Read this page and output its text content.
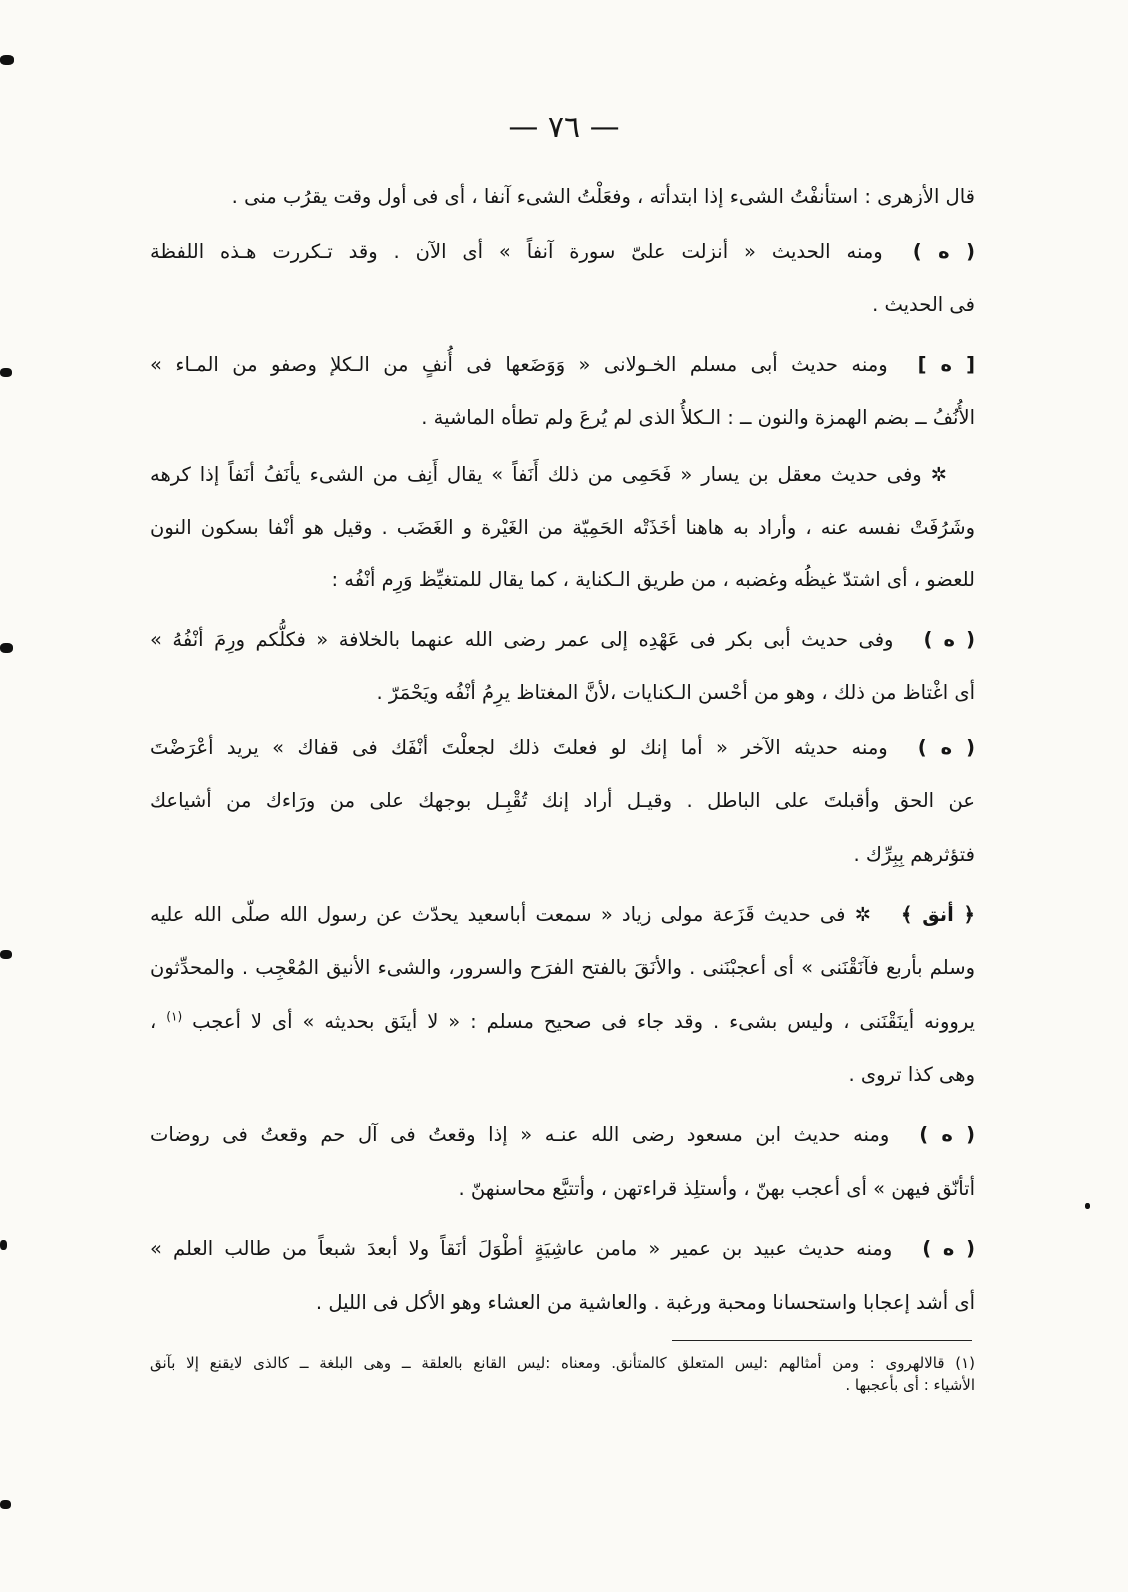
— ٧٦ —
قال الأزهرى : استأنفْتُ الشىء إذا ابتدأته ، وفعَلْتُ الشىء آنفا ، أى فى أول وقت يقرُب منى .
( ه )ومنه الحديث « أنزلت علىّ سورة آنفاً » أى الآن . وقد تـكررت هـذه اللفظة
فى الحديث .
[ ه ]ومنه حديث أبى مسلم الخـولانى « وَوَضَعها فى أُنفٍ من الـكلإ وصفو من المـاء »
الأُنُفُ ــ بضم الهمزة والنون ــ : الـكلأُ الذى لم يُرعَ ولم تطأه الماشية .
✲ وفى حديث معقل بن يسار « فَحَمِى من ذلك أَنَفاً » يقال أَنِف من الشىء يأنَفُ أنَفاً إذا كرهه
وشَرُفَتْ نفسه عنه ، وأراد به هاهنا أخَذَتْه الحَمِيّة من الغَيْرة و الغَضَب . وقيل هو أنْفا بسكون النون
للعضو ، أى اشتدّ غيظُه وغضبه ، من طريق الـكناية ، كما يقال للمتغيِّظ وَرِم أنْفُه :
( ه )وفى حديث أبى بكر فى عَهْدِه إلى عمر رضى الله عنهما بالخلافة « فكلُّكم ورِمَ أنْفُهُ »
أى اغْتاظ من ذلك ، وهو من أحْسن الـكنايات ،لأنَّ المغتاظ يرِمُ أنْفُه ويَحْمَرّ .
( ه )ومنه حديثه الآخر « أما إنك لو فعلتَ ذلك لجعلْتَ أنْفَك فى قفاك » يريد أعْرَضْتَ
عن الحق وأقبلتَ على الباطل . وقيـل أراد إنك تُقْبِـل بوجهك على من ورَاءك من أشياعك
فتؤثرهم بِبِرِّك .
﴿ أنق ﴾✲ فى حديث قَزَعة مولى زياد « سمعت أباسعيد يحدّث عن رسول الله صلّى الله عليه
وسلم بأربع فآنَقْنَنى » أى أعجبْنَنى . والأنَقَ بالفتح الفرَح والسرور، والشىء الأنيق المُعْجِب . والمحدِّثون
يروونه أينَقْنَنى ، وليس بشىء . وقد جاء فى صحيح مسلم : « لا أينَق بحديثه » أى لا أعجب $^{(١)}$ ،
وهى كذا تروى .
( ه )ومنه حديث ابن مسعود رضى الله عنـه « إذا وقعتُ فى آل حم وقعتُ فى روضات
أتأنّق فيهن » أى أعجب بهنّ ، وأستلِذ قراءتهن ، وأتتبَّع محاسنهنّ .
( ه )ومنه حديث عبيد بن عمير « مامن عاشِيَةٍ أطْوَلَ أنَقاً ولا أبعدَ شبعاً من طالب العلم »
أى أشد إعجابا واستحسانا ومحبة ورغبة . والعاشية من العشاء وهو الأكل فى الليل .
(١) قالالهروى : ومن أمثالهم :ليس المتعلق كالمتأنق. ومعناه :ليس القانع بالعلقة ــ وهى البلغة ــ كالذى لايقنع إلا بآنق
الأشياء : أى بأعجبها .
